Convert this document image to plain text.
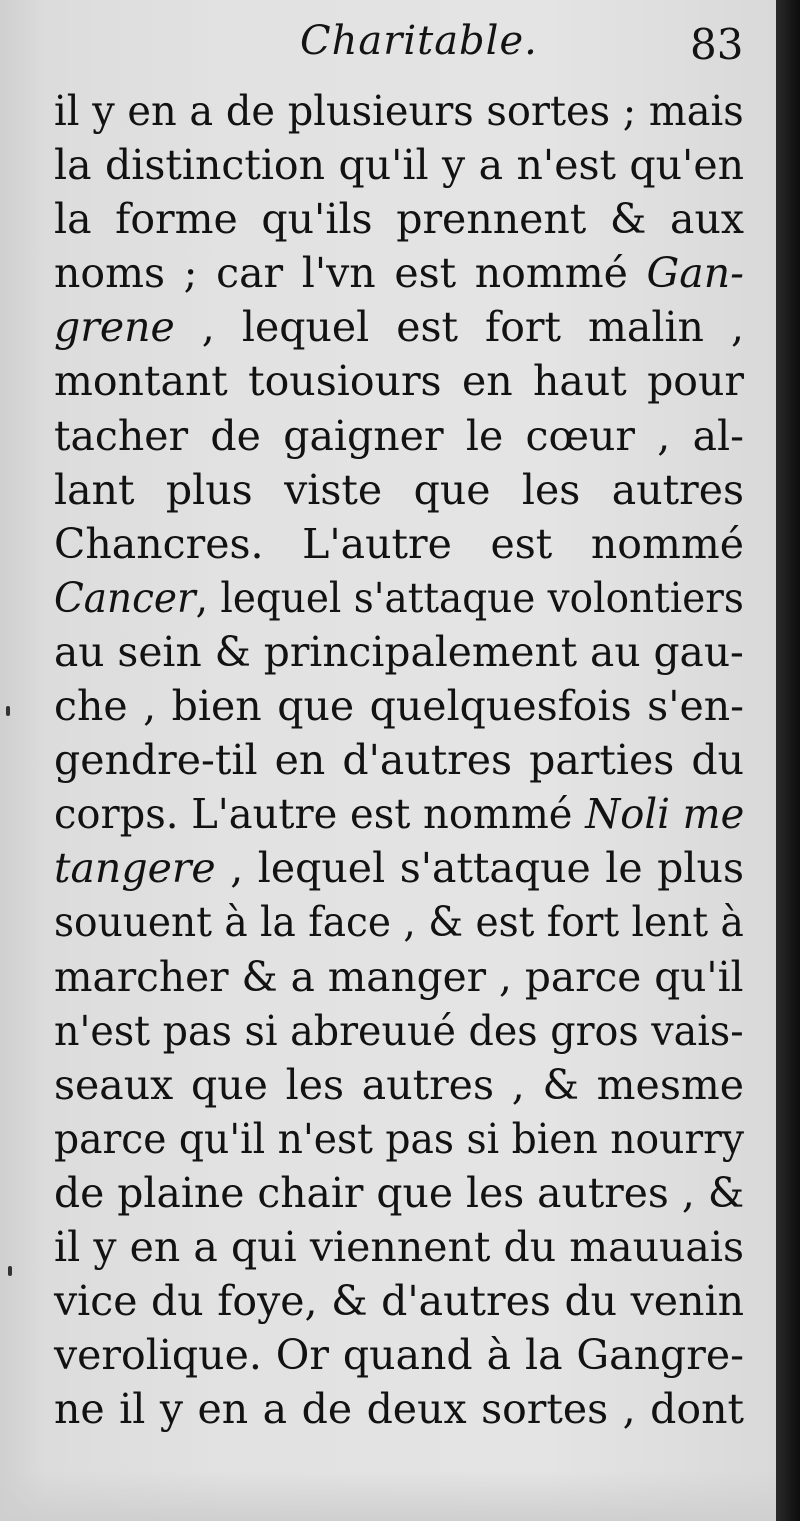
Charitable.	83
il y en a de plusieurs sortes ; mais
la distinction qu'il y a n'est qu'en
la forme qu'ils prennent & aux
noms ; car l'vn est nommé Gan-
grene , lequel est fort malin ,
montant tousiours en haut pour
tacher de gaigner le cœur , al-
lant plus viste que les autres
Chancres. L'autre est nommé
Cancer, lequel s'attaque volontiers
au sein & principalement au gau-
che , bien que quelquesfois s'en-
gendre-til en d'autres parties du
corps. L'autre est nommé Noli me
tangere , lequel s'attaque le plus
souuent à la face , & est fort lent à
marcher & a manger , parce qu'il
n'est pas si abreuué des gros vais-
seaux que les autres , & mesme
parce qu'il n'est pas si bien nourry
de plaine chair que les autres , &
il y en a qui viennent du mauuais
vice du foye, & d'autres du venin
verolique. Or quand à la Gangre-
ne il y en a de deux sortes , dont
